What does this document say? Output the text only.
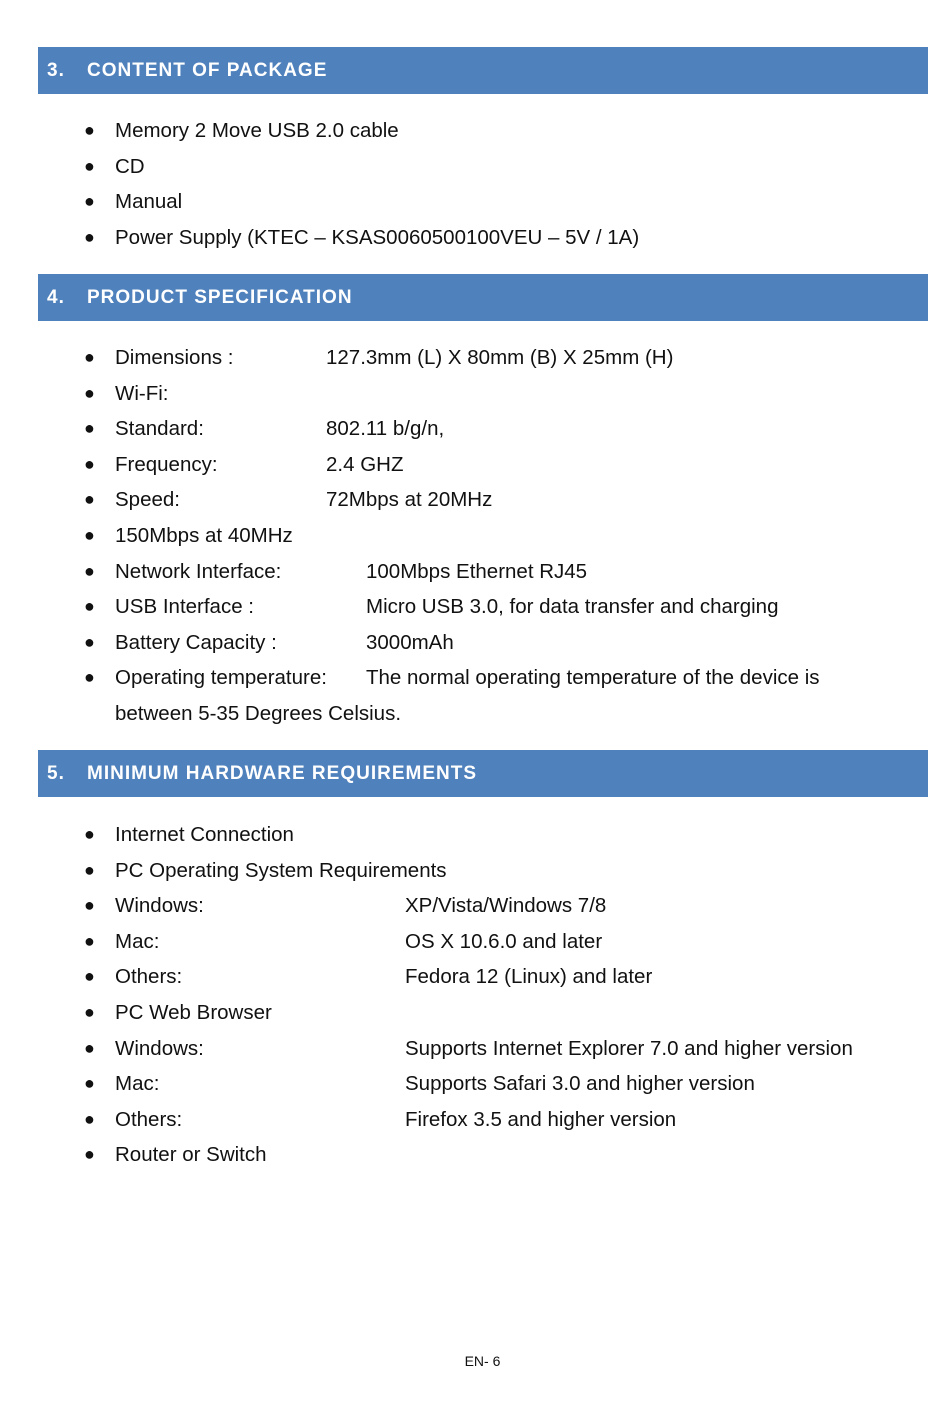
3.	CONTENT OF PACKAGE
● Memory 2 Move USB 2.0 cable
● CD
● Manual
● Power Supply (KTEC – KSAS0060500100VEU – 5V / 1A)
4.	PRODUCT SPECIFICATION
● Dimensions :	127.3mm (L) X 80mm (B) X 25mm (H)
● Wi-Fi:
● Standard:	802.11 b/g/n,
● Frequency:	2.4 GHZ
● Speed:	72Mbps at 20MHz
● 150Mbps at 40MHz
● Network Interface:	100Mbps Ethernet RJ45
● USB Interface :	Micro USB 3.0, for data transfer and charging
● Battery Capacity :	3000mAh
● Operating temperature: The normal operating temperature of the device is
between 5-35 Degrees Celsius.
5.	MINIMUM HARDWARE REQUIREMENTS
● Internet Connection
● PC Operating System Requirements
● Windows:	XP/Vista/Windows 7/8
● Mac:	OS X 10.6.0 and later
● Others:	Fedora 12 (Linux) and later
● PC Web Browser
● Windows:	Supports Internet Explorer 7.0 and higher version
● Mac:	Supports Safari 3.0 and higher version
● Others:	Firefox 3.5 and higher version
● Router or Switch
EN- 6
